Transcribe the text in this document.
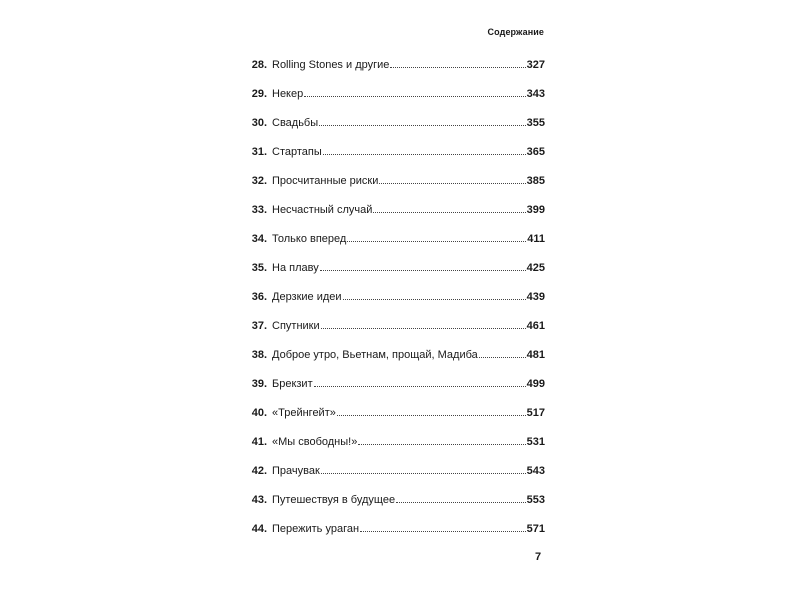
Содержание
28. Rolling Stones и другие	327
29. Некер	343
30. Свадьбы	355
31. Стартапы	365
32. Просчитанные риски	385
33. Несчастный случай	399
34. Только вперед	411
35. На плаву	425
36. Дерзкие идеи	439
37. Спутники	461
38. Доброе утро, Вьетнам, прощай, Мадиба	481
39. Брекзит	499
40. «Трейнгейт»	517
41. «Мы свободны!»	531
42. Прачувак	543
43. Путешествуя в будущее	553
44. Пережить ураган	571
7
